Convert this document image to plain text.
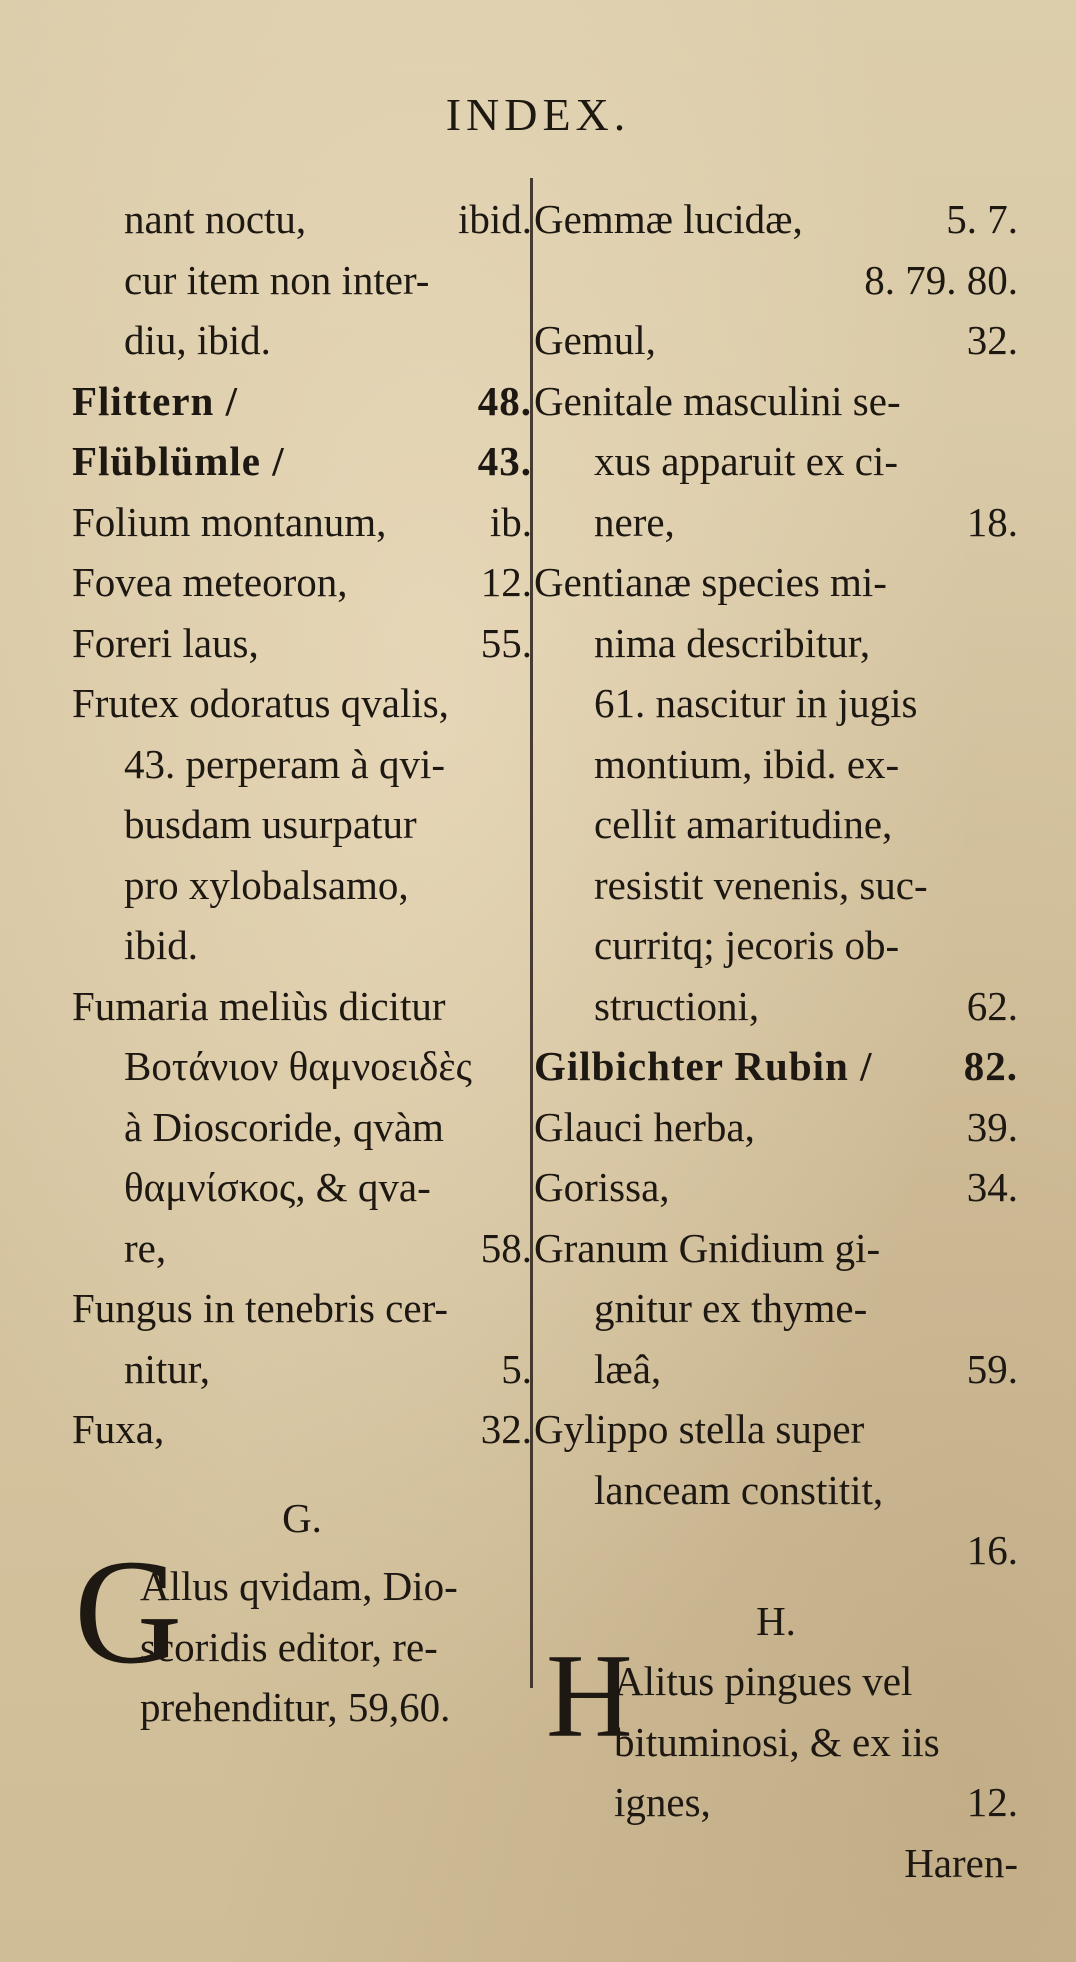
INDEX.
nant noctu,	ibid.
cur item non inter-
diu, ibid.
Flittern /	48.
Flüblümle /	43.
Folium montanum,	ib.
Fovea meteoron,	12.
Foreri laus,	55.
Frutex odoratus qvalis,
43. perperam à qvi-
busdam usurpatur
pro xylobalsamo,
ibid.
Fumaria meliùs dicitur
Βοτάνιον θαμνοειδὲς
à Dioscoride, qvàm
θαμνίσκος, & qva-
re,	58.
Fungus in tenebris cer-
nitur,	5.
Fuxa,	32.
G.
G
Allus qvidam, Dio-
scoridis editor, re-
prehenditur, 59,60.
Gemmæ lucidæ,	5. 7.
8. 79. 80.
Gemul,	32.
Genitale masculini se-
xus apparuit ex ci-
nere,	18.
Gentianæ species mi-
nima describitur,
61. nascitur in jugis
montium, ibid. ex-
cellit amaritudine,
resistit venenis, suc-
curritq; jecoris ob-
structioni,	62.
Gilbichter Rubin / 82.
Glauci herba,	39.
Gorissa,	34.
Granum Gnidium gi-
gnitur ex thyme-
læâ,	59.
Gylippo stella super
lanceam constitit,
16.
H.
H
Alitus pingues vel
bituminosi, & ex iis
ignes,	12.
Haren-
